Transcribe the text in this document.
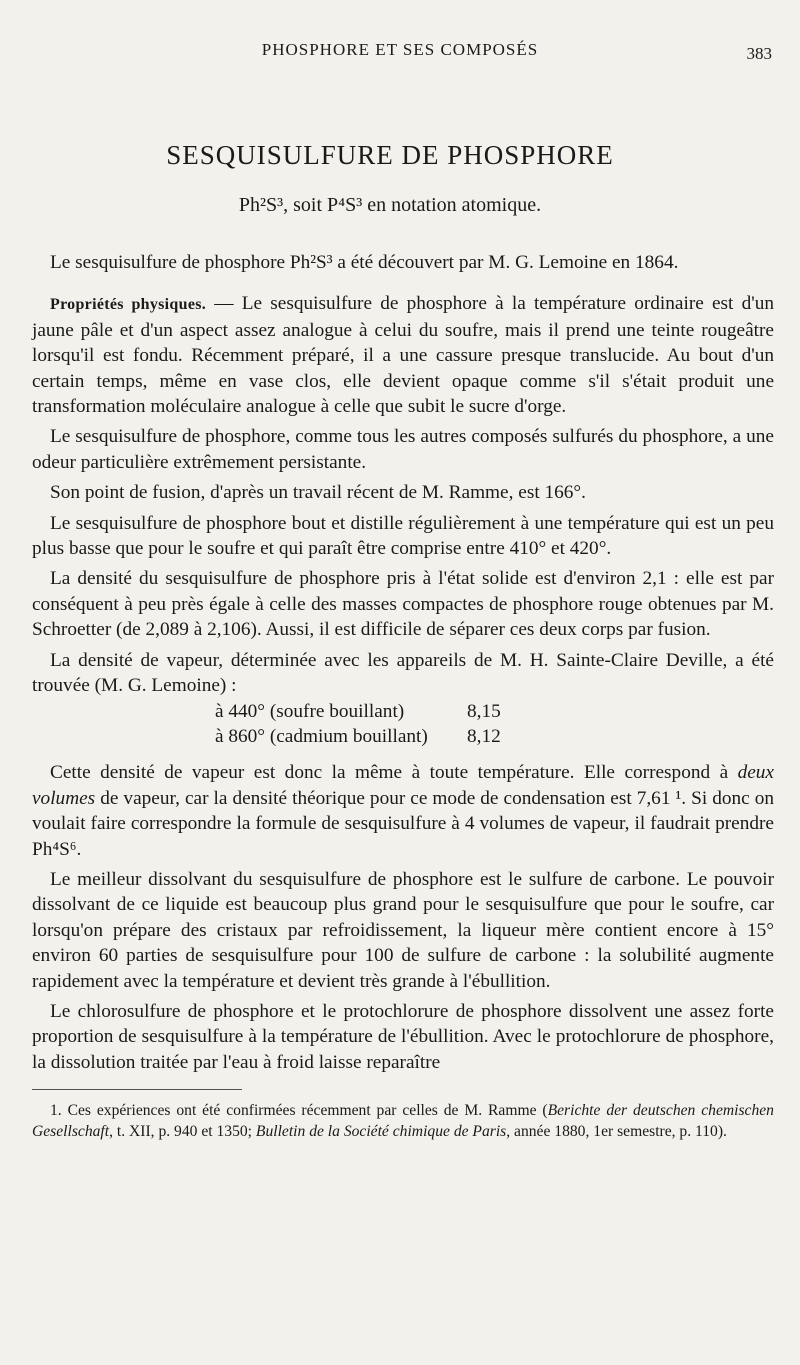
PHOSPHORE ET SES COMPOSÉS	383
SESQUISULFURE DE PHOSPHORE
Ph²S³, soit P⁴S³ en notation atomique.

Le sesquisulfure de phosphore Ph²S³ a été découvert par M. G. Lemoine en 1864.

Propriétés physiques. — Le sesquisulfure de phosphore à la température ordinaire est d'un jaune pâle et d'un aspect assez analogue à celui du soufre, mais il prend une teinte rougeâtre lorsqu'il est fondu. Récemment préparé, il a une cassure presque translucide. Au bout d'un certain temps, même en vase clos, elle devient opaque comme s'il s'était produit une transformation moléculaire analogue à celle que subit le sucre d'orge.

Le sesquisulfure de phosphore, comme tous les autres composés sulfurés du phosphore, a une odeur particulière extrêmement persistante.

Son point de fusion, d'après un travail récent de M. Ramme, est 166°.

Le sesquisulfure de phosphore bout et distille régulièrement à une température qui est un peu plus basse que pour le soufre et qui paraît être comprise entre 410° et 420°.

La densité du sesquisulfure de phosphore pris à l'état solide est d'environ 2,1 : elle est par conséquent à peu près égale à celle des masses compactes de phosphore rouge obtenues par M. Schroetter (de 2,089 à 2,106). Aussi, il est difficile de séparer ces deux corps par fusion.

La densité de vapeur, déterminée avec les appareils de M. H. Sainte-Claire Deville, a été trouvée (M. G. Lemoine) :

à 440° (soufre bouillant)	8,15
à 860° (cadmium bouillant)	8,12

Cette densité de vapeur est donc la même à toute température. Elle correspond à deux volumes de vapeur, car la densité théorique pour ce mode de condensation est 7,61 ¹. Si donc on voulait faire correspondre la formule de sesquisulfure à 4 volumes de vapeur, il faudrait prendre Ph⁴S⁶.

Le meilleur dissolvant du sesquisulfure de phosphore est le sulfure de carbone. Le pouvoir dissolvant de ce liquide est beaucoup plus grand pour le sesquisulfure que pour le soufre, car lorsqu'on prépare des cristaux par refroidissement, la liqueur mère contient encore à 15° environ 60 parties de sesquisulfure pour 100 de sulfure de carbone : la solubilité augmente rapidement avec la température et devient très grande à l'ébullition.

Le chlorosulfure de phosphore et le protochlorure de phosphore dissolvent une assez forte proportion de sesquisulfure à la température de l'ébullition. Avec le protochlorure de phosphore, la dissolution traitée par l'eau à froid laisse reparaître

1. Ces expériences ont été confirmées récemment par celles de M. Ramme (Berichte der deutschen chemischen Gesellschaft, t. XII, p. 940 et 1350; Bulletin de la Société chimique de Paris, année 1880, 1er semestre, p. 110).
